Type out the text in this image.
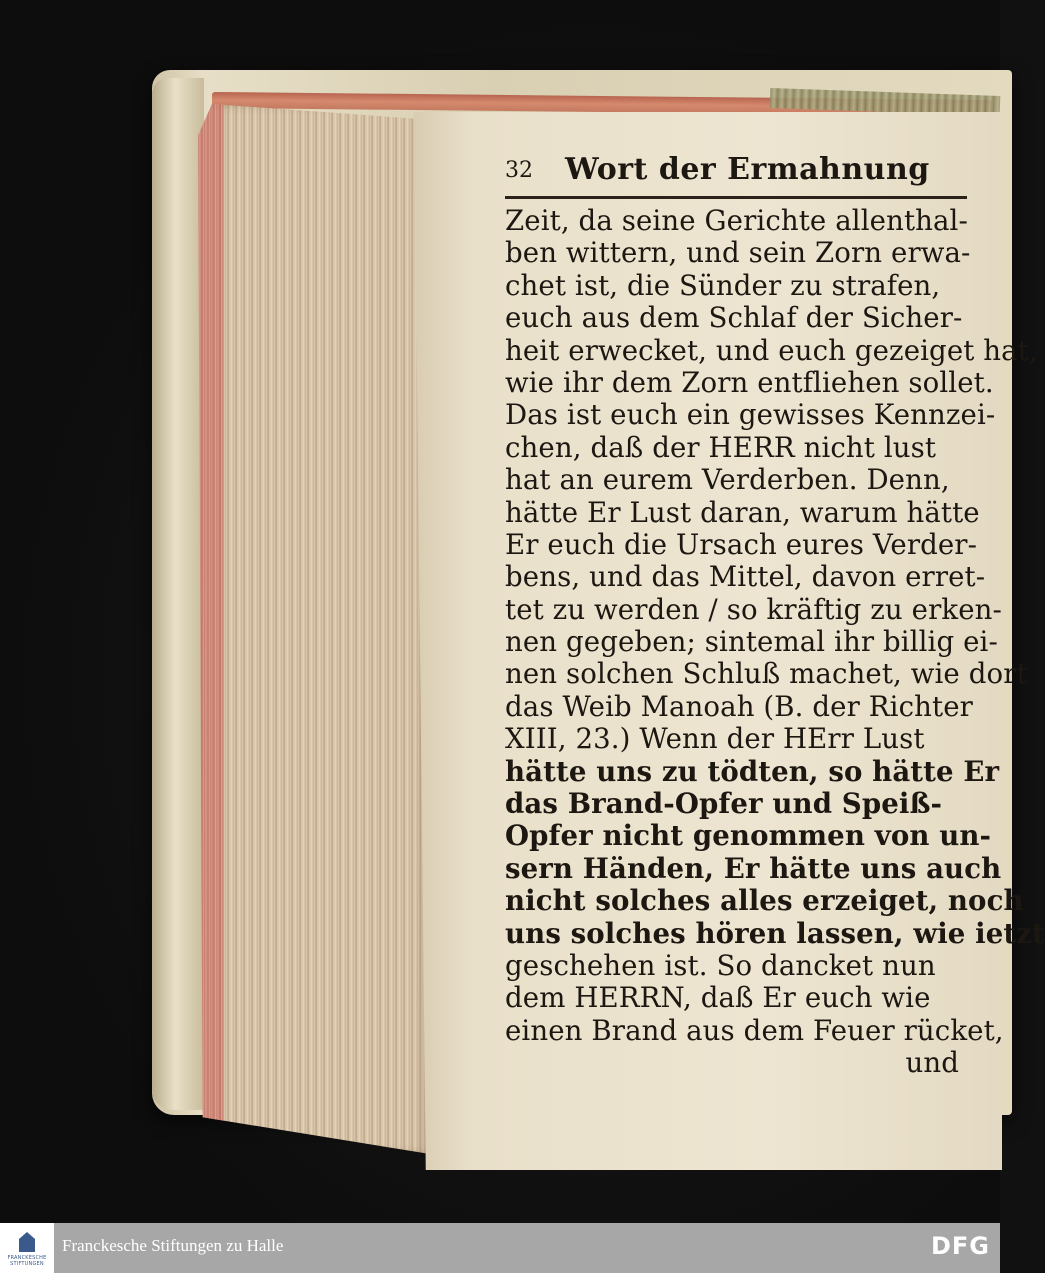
32 Wort der Ermahnung
Zeit, da seine Gerichte allenthal-
ben wittern, und sein Zorn erwa-
chet ist, die Sünder zu strafen,
euch aus dem Schlaf der Sicher-
heit erwecket, und euch gezeiget hat,
wie ihr dem Zorn entfliehen sollet.
Das ist euch ein gewisses Kennzei-
chen, daß der HERR nicht lust
hat an eurem Verderben. Denn,
hätte Er Lust daran, warum hätte
Er euch die Ursach eures Verder-
bens, und das Mittel, davon erret-
tet zu werden / so kräftig zu erken-
nen gegeben; sintemal ihr billig ei-
nen solchen Schluß machet, wie dort
das Weib Manoah (B. der Richter
XIII, 23.) Wenn der HErr Lust
hätte uns zu tödten, so hätte Er
das Brand-Opfer und Speiß-
Opfer nicht genommen von un-
sern Händen, Er hätte uns auch
nicht solches alles erzeiget, noch
uns solches hören lassen, wie ietzt
geschehen ist. So dancket nun
dem HERRN, daß Er euch wie
einen Brand aus dem Feuer rücket,
und
FRANCKESCHE
STIFTUNGEN
Franckesche Stiftungen zu Halle	DFG
